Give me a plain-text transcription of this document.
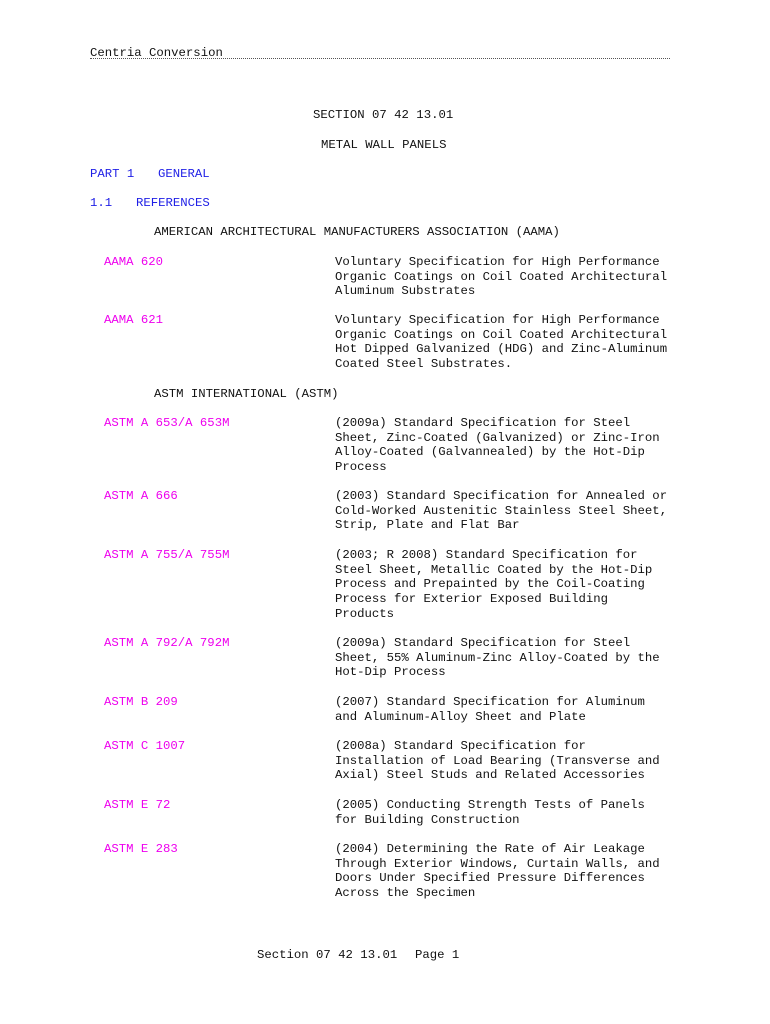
Centria Conversion
SECTION 07 42 13.01
METAL WALL PANELS
PART 1 GENERAL
1.1 REFERENCES
AMERICAN ARCHITECTURAL MANUFACTURERS ASSOCIATION (AAMA)
AAMA 620	Voluntary Specification for High Performance
Organic Coatings on Coil Coated Architectural
Aluminum Substrates
AAMA 621	Voluntary Specification for High Performance
Organic Coatings on Coil Coated Architectural
Hot Dipped Galvanized (HDG) and Zinc-Aluminum
Coated Steel Substrates.
ASTM INTERNATIONAL (ASTM)
ASTM A 653/A 653M	(2009a) Standard Specification for Steel
Sheet, Zinc-Coated (Galvanized) or Zinc-Iron
Alloy-Coated (Galvannealed) by the Hot-Dip
Process
ASTM A 666	(2003) Standard Specification for Annealed or
Cold-Worked Austenitic Stainless Steel Sheet,
Strip, Plate and Flat Bar
ASTM A 755/A 755M	(2003; R 2008) Standard Specification for
Steel Sheet, Metallic Coated by the Hot-Dip
Process and Prepainted by the Coil-Coating
Process for Exterior Exposed Building
Products
ASTM A 792/A 792M	(2009a) Standard Specification for Steel
Sheet, 55% Aluminum-Zinc Alloy-Coated by the
Hot-Dip Process
ASTM B 209	(2007) Standard Specification for Aluminum
and Aluminum-Alloy Sheet and Plate
ASTM C 1007	(2008a) Standard Specification for
Installation of Load Bearing (Transverse and
Axial) Steel Studs and Related Accessories
ASTM E 72	(2005) Conducting Strength Tests of Panels
for Building Construction
ASTM E 283	(2004) Determining the Rate of Air Leakage
Through Exterior Windows, Curtain Walls, and
Doors Under Specified Pressure Differences
Across the Specimen
Section 07 42 13.01 Page 1
